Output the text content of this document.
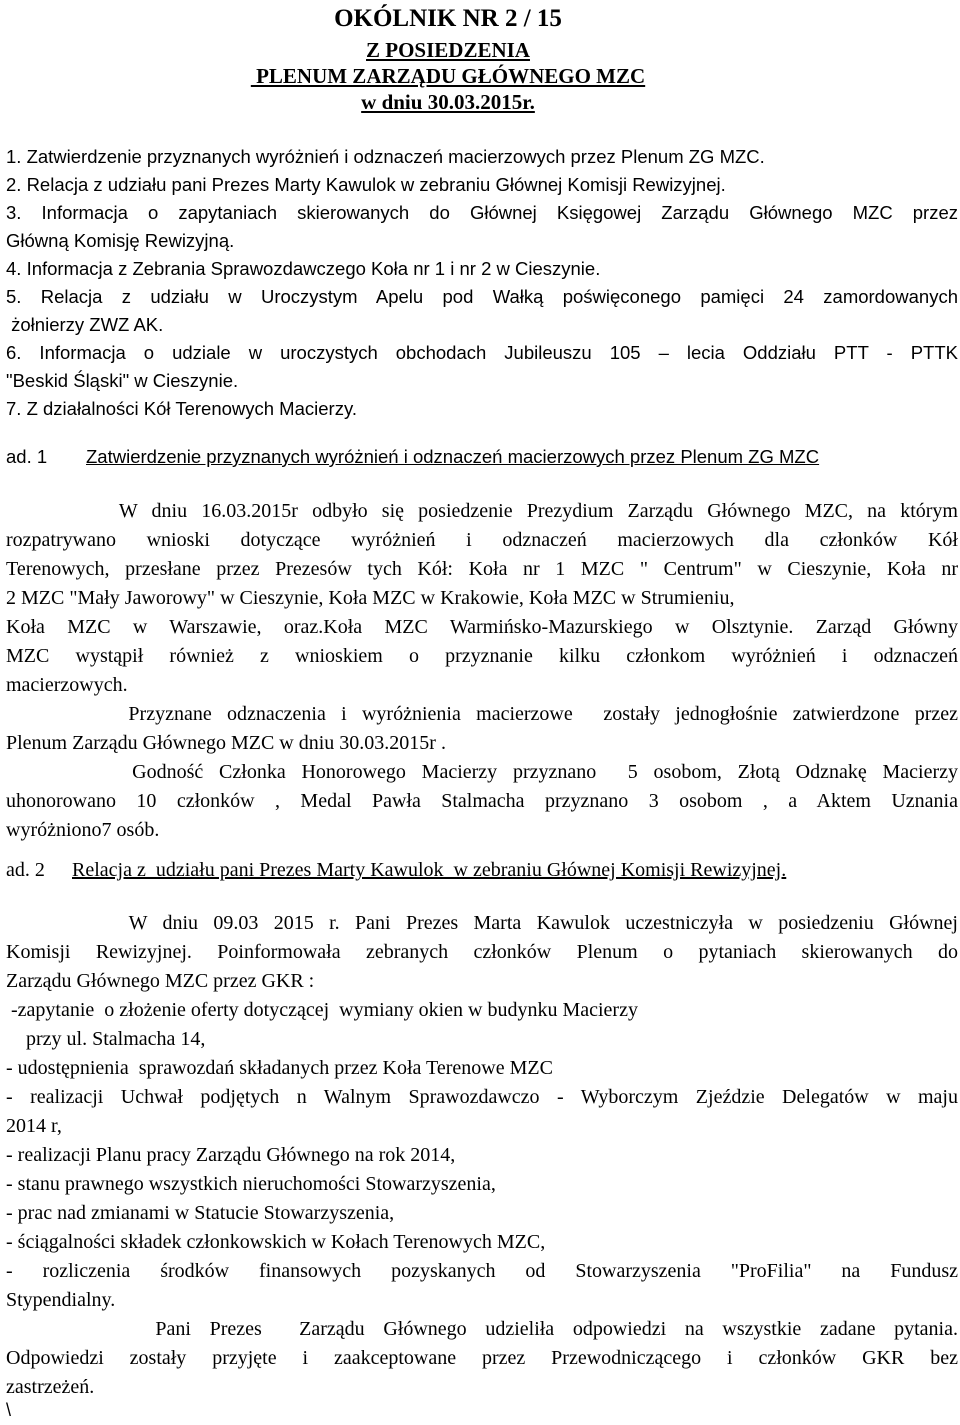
OKÓLNIK NR 2 / 15
Z POSIEDZENIA
PLENUM ZARZĄDU GŁÓWNEGO MZC
w dniu 30.03.2015r.
1. Zatwierdzenie przyznanych wyróżnień i odznaczeń macierzowych przez Plenum ZG MZC.
2. Relacja z udziału pani Prezes Marty Kawulok w zebraniu Głównej Komisji Rewizyjnej.
3. Informacja o zapytaniach skierowanych do Głównej Księgowej Zarządu Głównego MZC przez
Główną Komisję Rewizyjną.
4. Informacja z Zebrania Sprawozdawczego Koła nr 1 i nr 2 w Cieszynie.
5. Relacja z udziału w Uroczystym Apelu pod Wałką poświęconego pamięci 24 zamordowanych
żołnierzy ZWZ AK.
6. Informacja o udziale w uroczystych obchodach Jubileuszu 105 – lecia Oddziału PTT - PTTK
"Beskid Śląski" w Cieszynie.
7. Z działalności Kół Terenowych Macierzy.
ad. 1 Zatwierdzenie przyznanych wyróżnień i odznaczeń macierzowych przez Plenum ZG MZC
W dniu 16.03.2015r odbyło się posiedzenie Prezydium Zarządu Głównego MZC, na którym
rozpatrywano wnioski dotyczące wyróżnień i odznaczeń macierzowych dla członków Kół
Terenowych, przesłane przez Prezesów tych Kół: Koła nr 1 MZC " Centrum" w Cieszynie, Koła nr
2 MZC "Mały Jaworowy" w Cieszynie, Koła MZC w Krakowie, Koła MZC w Strumieniu,
Koła MZC w Warszawie, oraz.Koła MZC Warmińsko-Mazurskiego w Olsztynie. Zarząd Główny
MZC wystąpił również z wnioskiem o przyznanie kilku członkom wyróżnień i odznaczeń
macierzowych.
Przyznane odznaczenia i wyróżnienia macierzowe  zostały jednogłośnie zatwierdzone przez
Plenum Zarządu Głównego MZC w dniu 30.03.2015r .
Godność Członka Honorowego Macierzy przyznano  5 osobom, Złotą Odznakę Macierzy
uhonorowano 10 członków , Medal Pawła Stalmacha przyznano 3 osobom , a Aktem Uznania
wyróżniono7 osób.
ad. 2 Relacja z  udziału pani Prezes Marty Kawulok  w zebraniu Głównej Komisji Rewizyjnej.
W dniu 09.03 2015 r. Pani Prezes Marta Kawulok uczestniczyła w posiedzeniu Głównej
Komisji Rewizyjnej. Poinformowała zebranych członków Plenum o pytaniach skierowanych do
Zarządu Głównego MZC przez GKR :
-zapytanie  o złożenie oferty dotyczącej  wymiany okien w budynku Macierzy
przy ul. Stalmacha 14,
- udostępnienia  sprawozdań składanych przez Koła Terenowe MZC
- realizacji Uchwał podjętych n Walnym Sprawozdawczo - Wyborczym Zjeździe Delegatów w maju
2014 r,
- realizacji Planu pracy Zarządu Głównego na rok 2014,
- stanu prawnego wszystkich nieruchomości Stowarzyszenia,
- prac nad zmianami w Statucie Stowarzyszenia,
- ściągalności składek członkowskich w Kołach Terenowych MZC,
- rozliczenia środków finansowych pozyskanych od Stowarzyszenia "ProFilia" na Fundusz
Stypendialny.
Pani Prezes  Zarządu Głównego udzieliła odpowiedzi na wszystkie zadane pytania.
Odpowiedzi zostały przyjęte i zaakceptowane przez Przewodniczącego i członków GKR bez
zastrzeżeń.
\
